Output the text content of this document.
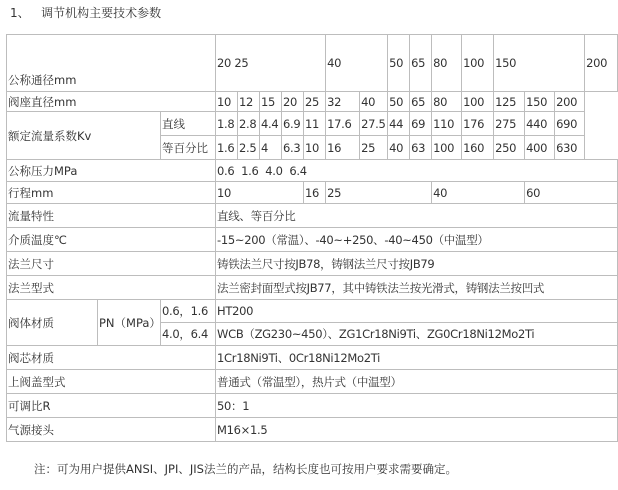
1、   调节机构主要技术参数
公称通径mm			20 25					40		50	65	80	100	150			200
阀座直径mm			10	12	15	20	25	32	40	50	65	80	100	125	150	200	
额定流量系数Kv		直线	1.8	2.8	4.4	6.9	11	17.6	27.5	44	69	110	176	275	440	690	
		等百分比	1.6	2.5	4	6.3	10	16	25	40	63	100	160	250	400	630	
公称压力MPa			0.6  1.6  4.0  6.4														
行程mm			10				16	25				40			60		
流量特性			直线、等百分比														
介质温度℃			-15~200（常温）、-40~+250、-40~450（中温型）														
法兰尺寸			铸铁法兰尺寸按JB78，铸钢法兰尺寸按JB79														
法兰型式			法兰密封面型式按JB77，其中铸铁法兰按光滑式，铸钢法兰按凹式														
阀体材质	PN（MPa）	0.6，1.6	HT200														
		4.0，6.4	WCB（ZG230~450）、ZG1Cr18Ni9Ti、ZG0Cr18Ni12Mo2Ti														
阀芯材质			1Cr18Ni9Ti、0Cr18Ni12Mo2Ti														
上阀盖型式			普通式（常温型），热片式（中温型）														
可调比R			50：1														
气源接头			M16×1.5														
注：可为用户提供ANSI、JPI、JIS法兰的产品，结构长度也可按用户要求需要确定。
